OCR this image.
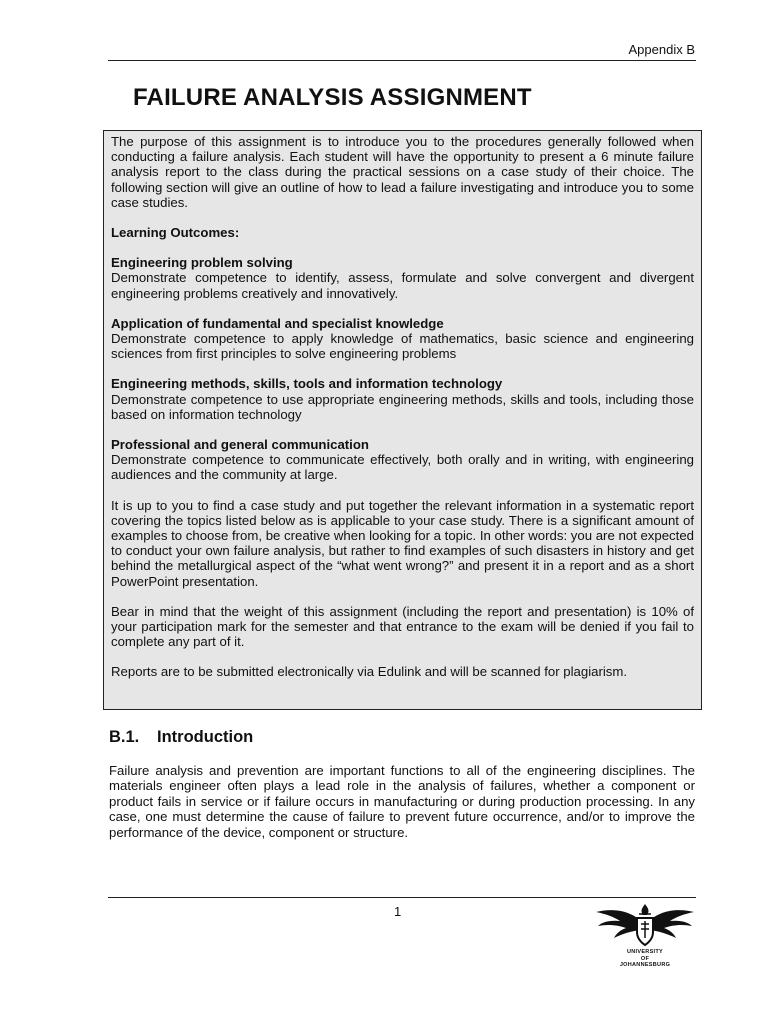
Appendix B
FAILURE ANALYSIS ASSIGNMENT

The purpose of this assignment is to introduce you to the procedures generally followed when conducting a failure analysis. Each student will have the opportunity to present a 6 minute failure analysis report to the class during the practical sessions on a case study of their choice. The following section will give an outline of how to lead a failure investigating and introduce you to some case studies.

Learning Outcomes:

Engineering problem solving
Demonstrate competence to identify, assess, formulate and solve convergent and divergent engineering problems creatively and innovatively.

Application of fundamental and specialist knowledge
Demonstrate competence to apply knowledge of mathematics, basic science and engineering sciences from first principles to solve engineering problems

Engineering methods, skills, tools and information technology
Demonstrate competence to use appropriate engineering methods, skills and tools, including those based on information technology

Professional and general communication
Demonstrate competence to communicate effectively, both orally and in writing, with engineering audiences and the community at large.

It is up to you to find a case study and put together the relevant information in a systematic report covering the topics listed below as is applicable to your case study. There is a significant amount of examples to choose from, be creative when looking for a topic. In other words: you are not expected to conduct your own failure analysis, but rather to find examples of such disasters in history and get behind the metallurgical aspect of the “what went wrong?” and present it in a report and as a short PowerPoint presentation.

Bear in mind that the weight of this assignment (including the report and presentation) is 10% of your participation mark for the semester and that entrance to the exam will be denied if you fail to complete any part of it.

Reports are to be submitted electronically via Edulink and will be scanned for plagiarism.

B.1. Introduction

Failure analysis and prevention are important functions to all of the engineering disciplines. The materials engineer often plays a lead role in the analysis of failures, whether a component or product fails in service or if failure occurs in manufacturing or during production processing. In any case, one must determine the cause of failure to prevent future occurrence, and/or to improve the performance of the device, component or structure.

1
UNIVERSITY
OF
JOHANNESBURG
